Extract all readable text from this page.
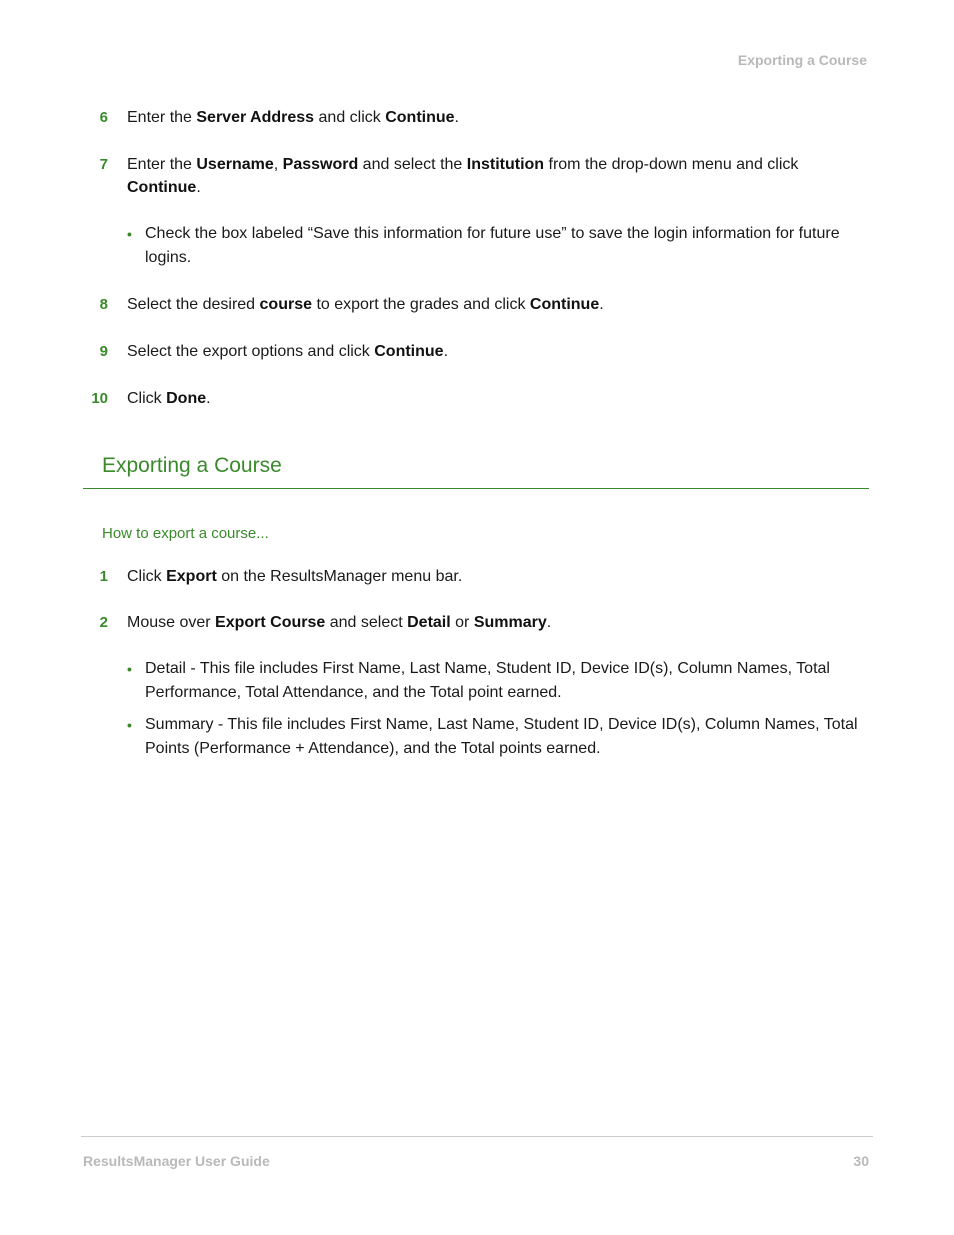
Exporting a Course
6 Enter the Server Address and click Continue.
7 Enter the Username, Password and select the Institution from the drop-down menu and click Continue.
• Check the box labeled “Save this information for future use” to save the login information for future logins.
8 Select the desired course to export the grades and click Continue.
9 Select the export options and click Continue.
10 Click Done.
Exporting a Course
How to export a course...
1 Click Export on the ResultsManager menu bar.
2 Mouse over Export Course and select Detail or Summary.
• Detail - This file includes First Name, Last Name, Student ID, Device ID(s), Column Names, Total Performance, Total Attendance, and the Total point earned.
• Summary - This file includes First Name, Last Name, Student ID, Device ID(s), Column Names, Total Points (Performance + Attendance), and the Total points earned.
ResultsManager User Guide	30
